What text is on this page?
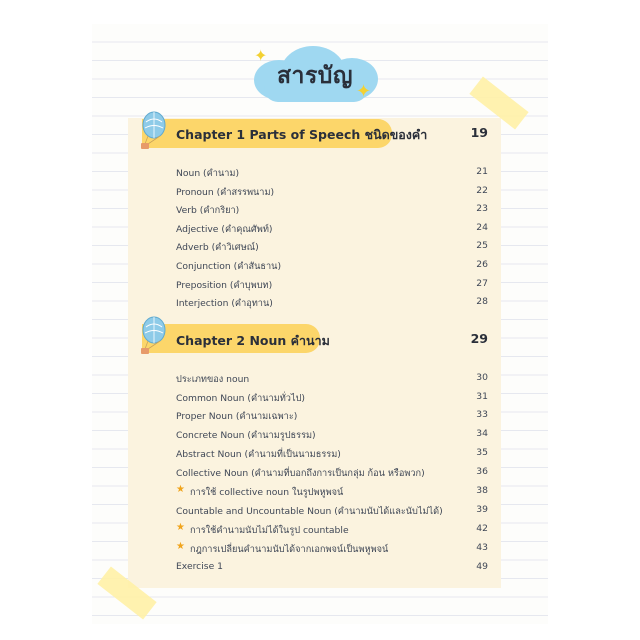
สารบัญ
✦
✦
Chapter 1 Parts of Speech ชนิดของคำ	19
Noun (คำนาม)	21
Pronoun (คำสรรพนาม)	22
Verb (คำกริยา)	23
Adjective (คำคุณศัพท์)	24
Adverb (คำวิเศษณ์)	25
Conjunction (คำสันธาน)	26
Preposition (คำบุพบท)	27
Interjection (คำอุทาน)	28
Chapter 2 Noun คำนาม	29
ประเภทของ noun	30
Common Noun (คำนามทั่วไป)	31
Proper Noun (คำนามเฉพาะ)	33
Concrete Noun (คำนามรูปธรรม)	34
Abstract Noun (คำนามที่เป็นนามธรรม)	35
Collective Noun (คำนามที่บอกถึงการเป็นกลุ่ม ก้อน หรือพวก)	36
★ การใช้ collective noun ในรูปพหูพจน์	38
Countable and Uncountable Noun (คำนามนับได้และนับไม่ได้)	39
★ การใช้คำนามนับไม่ได้ในรูป countable	42
★ กฎการเปลี่ยนคำนามนับได้จากเอกพจน์เป็นพหูพจน์	43
Exercise 1	49
